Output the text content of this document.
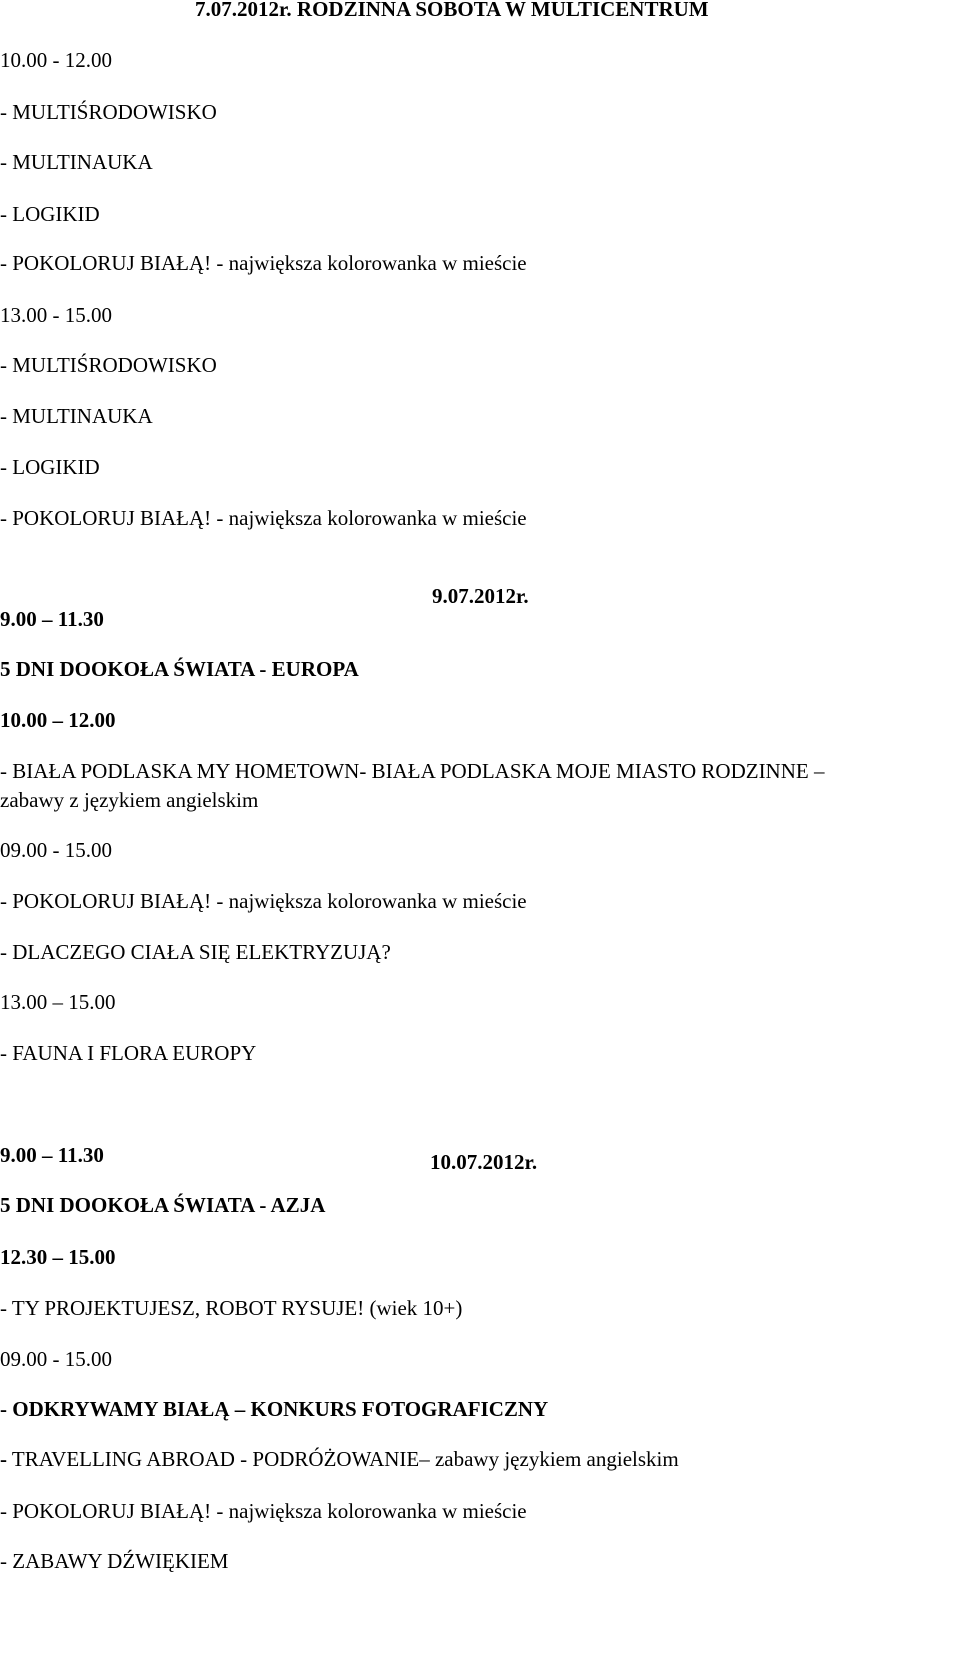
7.07.2012r. RODZINNA SOBOTA W MULTICENTRUM
10.00 - 12.00
- MULTIŚRODOWISKO
- MULTINAUKA
- LOGIKID
- POKOLORUJ BIAŁĄ! - największa kolorowanka w mieście
13.00 - 15.00
- MULTIŚRODOWISKO
- MULTINAUKA
- LOGIKID
- POKOLORUJ BIAŁĄ! - największa kolorowanka w mieście
9.07.2012r.
9.00 – 11.30
5 DNI DOOKOŁA ŚWIATA - EUROPA
10.00 – 12.00
- BIAŁA PODLASKA MY HOMETOWN- BIAŁA PODLASKA MOJE MIASTO RODZINNE –
zabawy z językiem angielskim
09.00 - 15.00
- POKOLORUJ BIAŁĄ! - największa kolorowanka w mieście
- DLACZEGO CIAŁA SIĘ ELEKTRYZUJĄ?
13.00 – 15.00
- FAUNA I FLORA EUROPY
10.07.2012r.
9.00 – 11.30
5 DNI DOOKOŁA ŚWIATA - AZJA
12.30 – 15.00
- TY PROJEKTUJESZ, ROBOT RYSUJE! (wiek 10+)
09.00 - 15.00
- ODKRYWAMY BIAŁĄ – KONKURS FOTOGRAFICZNY
- TRAVELLING ABROAD - PODRÓŻOWANIE– zabawy językiem angielskim
- POKOLORUJ BIAŁĄ! - największa kolorowanka w mieście
- ZABAWY DŹWIĘKIEM
